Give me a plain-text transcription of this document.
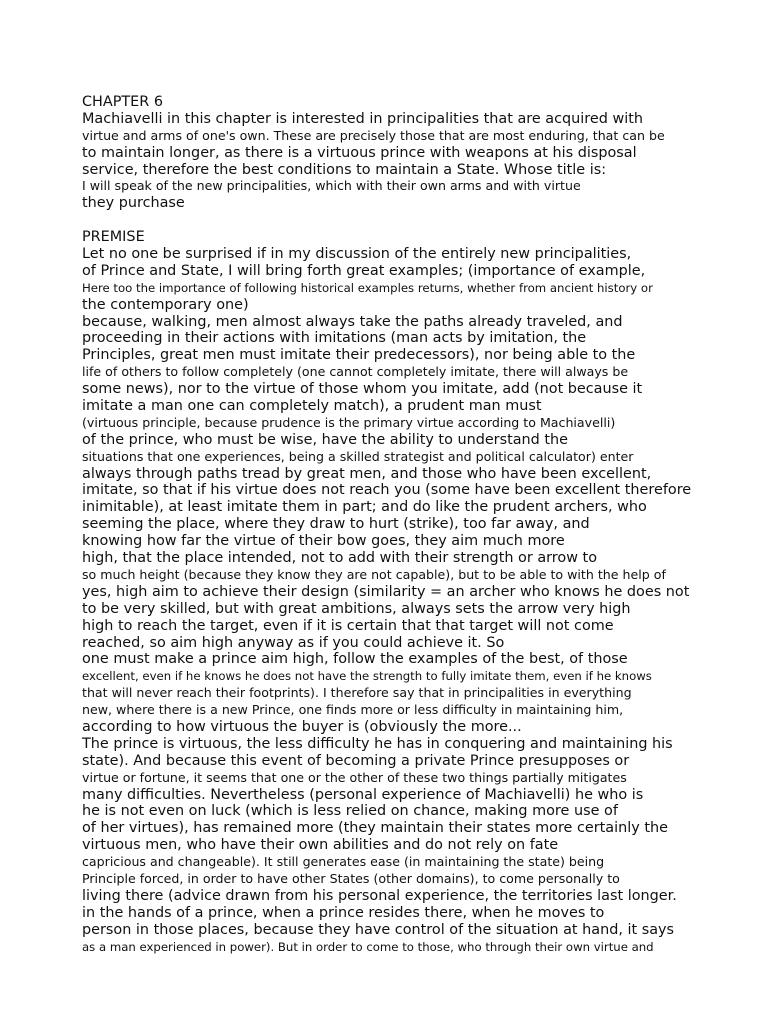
CHAPTER 6
Machiavelli in this chapter is interested in principalities that are acquired with
virtue and arms of one's own. These are precisely those that are most enduring, that can be
to maintain longer, as there is a virtuous prince with weapons at his disposal
service, therefore the best conditions to maintain a State. Whose title is:
I will speak of the new principalities, which with their own arms and with virtue
they purchase
PREMISE
Let no one be surprised if in my discussion of the entirely new principalities,
of Prince and State, I will bring forth great examples; (importance of example,
Here too the importance of following historical examples returns, whether from ancient history or
the contemporary one)
because, walking, men almost always take the paths already traveled, and
proceeding in their actions with imitations (man acts by imitation, the
Principles, great men must imitate their predecessors), nor being able to the
life of others to follow completely (one cannot completely imitate, there will always be
some news), nor to the virtue of those whom you imitate, add (not because it
imitate a man one can completely match), a prudent man must
(virtuous principle, because prudence is the primary virtue according to Machiavelli)
of the prince, who must be wise, have the ability to understand the
situations that one experiences, being a skilled strategist and political calculator) enter
always through paths tread by great men, and those who have been excellent,
imitate, so that if his virtue does not reach you (some have been excellent therefore
inimitable), at least imitate them in part; and do like the prudent archers, who
seeming the place, where they draw to hurt (strike), too far away, and
knowing how far the virtue of their bow goes, they aim much more
high, that the place intended, not to add with their strength or arrow to
so much height (because they know they are not capable), but to be able to with the help of
yes, high aim to achieve their design (similarity = an archer who knows he does not
to be very skilled, but with great ambitions, always sets the arrow very high
high to reach the target, even if it is certain that that target will not come
reached, so aim high anyway as if you could achieve it. So
one must make a prince aim high, follow the examples of the best, of those
excellent, even if he knows he does not have the strength to fully imitate them, even if he knows
that will never reach their footprints). I therefore say that in principalities in everything
new, where there is a new Prince, one finds more or less difficulty in maintaining him,
according to how virtuous the buyer is (obviously the more...
The prince is virtuous, the less difficulty he has in conquering and maintaining his
state). And because this event of becoming a private Prince presupposes or
virtue or fortune, it seems that one or the other of these two things partially mitigates
many difficulties. Nevertheless (personal experience of Machiavelli) he who is
he is not even on luck (which is less relied on chance, making more use of
of her virtues), has remained more (they maintain their states more certainly the
virtuous men, who have their own abilities and do not rely on fate
capricious and changeable). It still generates ease (in maintaining the state) being
Principle forced, in order to have other States (other domains), to come personally to
living there (advice drawn from his personal experience, the territories last longer.
in the hands of a prince, when a prince resides there, when he moves to
person in those places, because they have control of the situation at hand, it says
as a man experienced in power). But in order to come to those, who through their own virtue and
